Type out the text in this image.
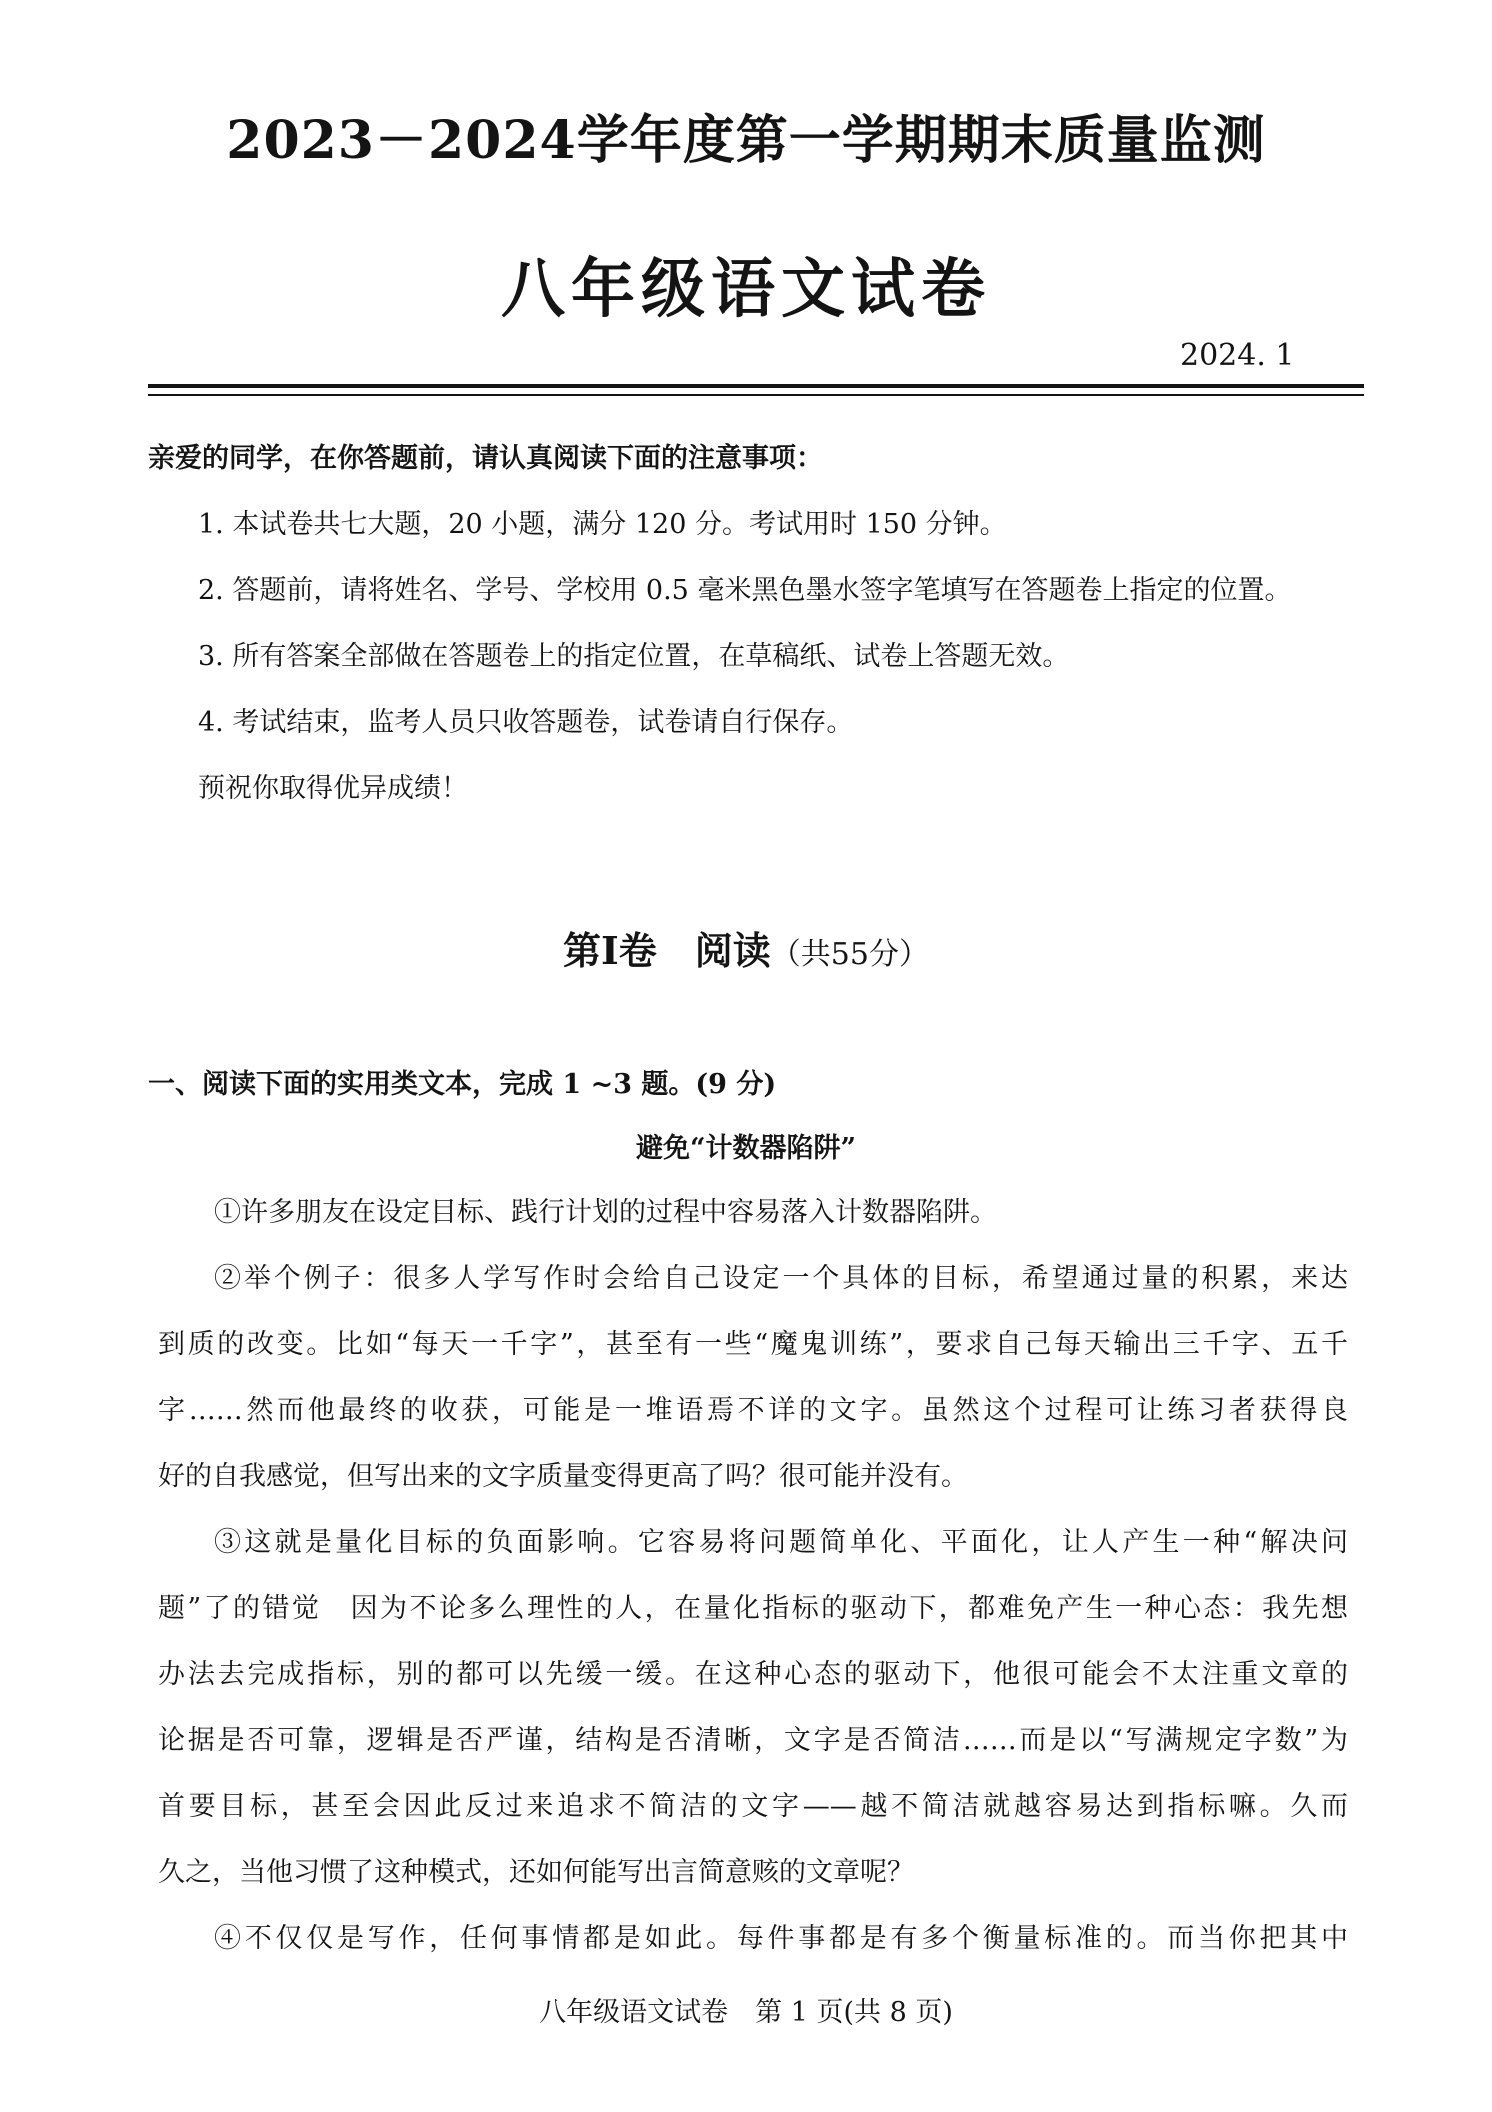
2023－2024学年度第一学期期末质量监测
八年级语文试卷
2024. 1
亲爱的同学，在你答题前，请认真阅读下面的注意事项：
1. 本试卷共七大题，20 小题，满分 120 分。考试用时 150 分钟。
2. 答题前，请将姓名、学号、学校用 0.5 毫米黑色墨水签字笔填写在答题卷上指定的位置。
3. 所有答案全部做在答题卷上的指定位置，在草稿纸、试卷上答题无效。
4. 考试结束，监考人员只收答题卷，试卷请自行保存。
预祝你取得优异成绩！
第Ⅰ卷　阅读（共55分）
一、阅读下面的实用类文本，完成 1 ~3 题。(9 分)
避免“计数器陷阱”
①许多朋友在设定目标、践行计划的过程中容易落入计数器陷阱。
②举个例子：很多人学写作时会给自己设定一个具体的目标，希望通过量的积累，来达
到质的改变。比如“每天一千字”，甚至有一些“魔鬼训练”，要求自己每天输出三千字、五千
字……然而他最终的收获，可能是一堆语焉不详的文字。虽然这个过程可让练习者获得良
好的自我感觉，但写出来的文字质量变得更高了吗？很可能并没有。
③这就是量化目标的负面影响。它容易将问题简单化、平面化，让人产生一种“解决问
题”了的错觉　因为不论多么理性的人，在量化指标的驱动下，都难免产生一种心态：我先想
办法去完成指标，别的都可以先缓一缓。在这种心态的驱动下，他很可能会不太注重文章的
论据是否可靠，逻辑是否严谨，结构是否清晰，文字是否简洁……而是以“写满规定字数”为
首要目标，甚至会因此反过来追求不简洁的文字——越不简洁就越容易达到指标嘛。久而
久之，当他习惯了这种模式，还如何能写出言简意赅的文章呢？
④不仅仅是写作，任何事情都是如此。每件事都是有多个衡量标准的。而当你把其中
八年级语文试卷　第 1 页(共 8 页)
